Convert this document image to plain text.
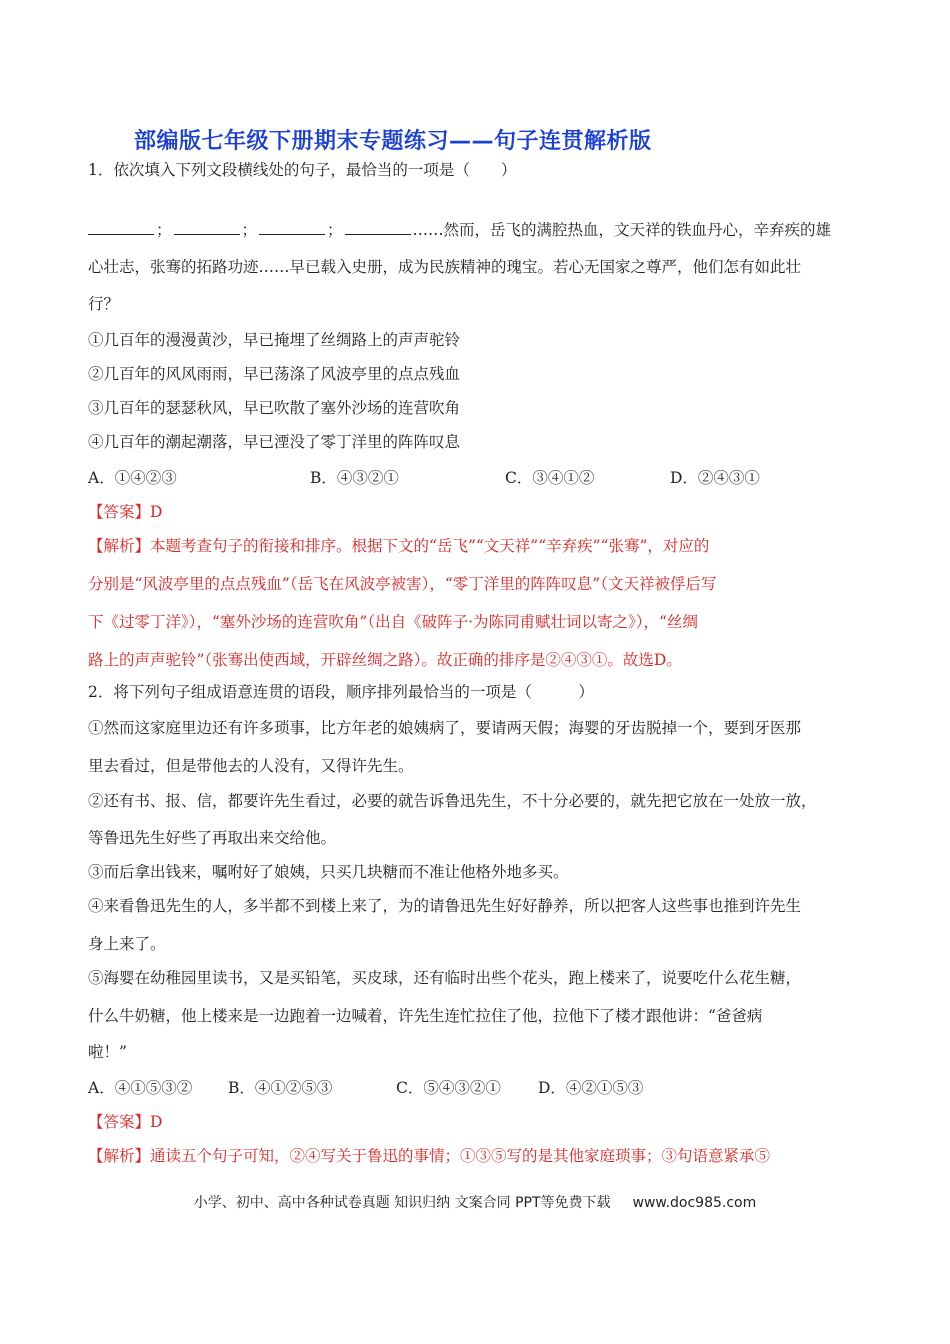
部编版七年级下册期末专题练习——句子连贯解析版
1．依次填入下列文段横线处的句子，最恰当的一项是（　　）
；	；	；	……然而，岳飞的满腔热血，文天祥的铁血丹心，辛弃疾的雄
心壮志，张骞的拓路功迹……早已载入史册，成为民族精神的瑰宝。若心无国家之尊严，他们怎有如此壮
行？
①几百年的漫漫黄沙，早已掩埋了丝绸路上的声声驼铃
②几百年的风风雨雨，早已荡涤了风波亭里的点点残血
③几百年的瑟瑟秋风，早已吹散了塞外沙场的连营吹角
④几百年的潮起潮落，早已湮没了零丁洋里的阵阵叹息
A．①④②③	B．④③②①	C．③④①②	D．②④③①
【答案】D
【解析】本题考查句子的衔接和排序。根据下文的“岳飞”“文天祥”“辛弃疾”“张骞”，对应的
分别是“风波亭里的点点残血”（岳飞在风波亭被害），“零丁洋里的阵阵叹息”（文天祥被俘后写
下《过零丁洋》），“塞外沙场的连营吹角”（出自《破阵子·为陈同甫赋壮词以寄之》），“丝绸
路上的声声驼铃”（张骞出使西域，开辟丝绸之路）。故正确的排序是②④③①。故选D。
2．将下列句子组成语意连贯的语段，顺序排列最恰当的一项是（　　　）
①然而这家庭里边还有许多琐事，比方年老的娘姨病了，要请两天假；海婴的牙齿脱掉一个，要到牙医那
里去看过，但是带他去的人没有，又得许先生。
②还有书、报、信，都要许先生看过，必要的就告诉鲁迅先生，不十分必要的，就先把它放在一处放一放，
等鲁迅先生好些了再取出来交给他。
③而后拿出钱来，嘱咐好了娘姨，只买几块糖而不准让他格外地多买。
④来看鲁迅先生的人，多半都不到楼上来了，为的请鲁迅先生好好静养，所以把客人这些事也推到许先生
身上来了。
⑤海婴在幼稚园里读书，又是买铅笔，买皮球，还有临时出些个花头，跑上楼来了，说要吃什么花生糖，
什么牛奶糖，他上楼来是一边跑着一边喊着，许先生连忙拉住了他，拉他下了楼才跟他讲：“爸爸病
啦！”
A．④①⑤③② B．④①②⑤③	C．⑤④③②① D．④②①⑤③
【答案】D
【解析】通读五个句子可知，②④写关于鲁迅的事情；①③⑤写的是其他家庭琐事；③句语意紧承⑤
小学、初中、高中各种试卷真题 知识归纳 文案合同 PPT等免费下载 www.doc985.com
